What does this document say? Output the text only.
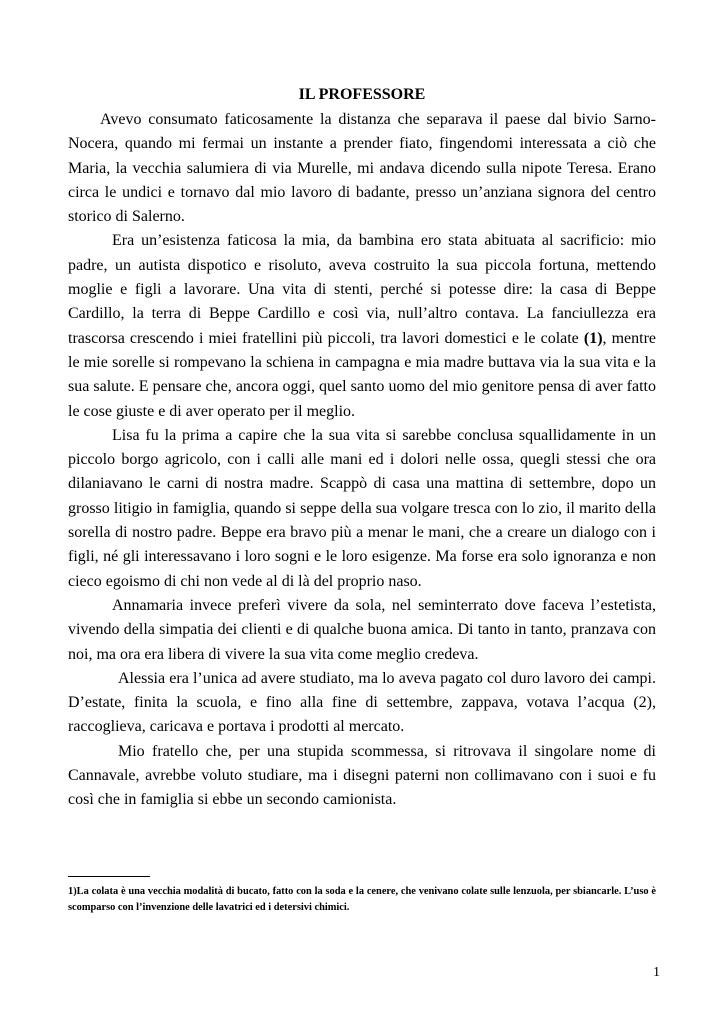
IL PROFESSORE

Avevo consumato faticosamente la distanza che separava il paese dal bivio Sarno-Nocera, quando mi fermai un instante a prender fiato, fingendomi interessata a ciò che Maria, la vecchia salumiera di via Murelle, mi andava dicendo sulla nipote Teresa. Erano circa le undici e tornavo dal mio lavoro di badante, presso un’anziana signora del centro storico di Salerno.

Era un’esistenza faticosa la mia, da bambina ero stata abituata al sacrificio: mio padre, un autista dispotico e risoluto, aveva costruito la sua piccola fortuna, mettendo moglie e figli a lavorare. Una vita di stenti, perché si potesse dire: la casa di Beppe Cardillo, la terra di Beppe Cardillo e così via, null’altro contava. La fanciullezza era trascorsa crescendo i miei fratellini più piccoli, tra lavori domestici e le colate (1), mentre le mie sorelle si rompevano la schiena in campagna e mia madre buttava via la sua vita e la sua salute. E pensare che, ancora oggi, quel santo uomo del mio genitore pensa di aver fatto le cose giuste e di aver operato per il meglio.

Lisa fu la prima a capire che la sua vita si sarebbe conclusa squallidamente in un piccolo borgo agricolo, con i calli alle mani ed i dolori nelle ossa, quegli stessi che ora dilaniavano le carni di nostra madre. Scappò di casa una mattina di settembre, dopo un grosso litigio in famiglia, quando si seppe della sua volgare tresca con lo zio, il marito della sorella di nostro padre. Beppe era bravo più a menar le mani, che a creare un dialogo con i figli, né gli interessavano i loro sogni e le loro esigenze. Ma forse era solo ignoranza e non cieco egoismo di chi non vede al di là del proprio naso.

Annamaria invece preferì vivere da sola, nel seminterrato dove faceva l’estetista, vivendo della simpatia dei clienti e di qualche buona amica. Di tanto in tanto, pranzava con noi, ma ora era libera di vivere la sua vita come meglio credeva.

Alessia era l’unica ad avere studiato, ma lo aveva pagato col duro lavoro dei campi. D’estate, finita la scuola, e fino alla fine di settembre, zappava, votava l’acqua (2), raccoglieva, caricava e portava i prodotti al mercato.

Mio fratello che, per una stupida scommessa, si ritrovava il singolare nome di Cannavale, avrebbe voluto studiare, ma i disegni paterni non collimavano con i suoi e fu così che in famiglia si ebbe un secondo camionista.

1)La colata è una vecchia modalità di bucato, fatto con la soda e la cenere, che venivano colate sulle lenzuola, per sbiancarle. L’uso è scomparso con l’invenzione delle lavatrici ed i detersivi chimici.
1
